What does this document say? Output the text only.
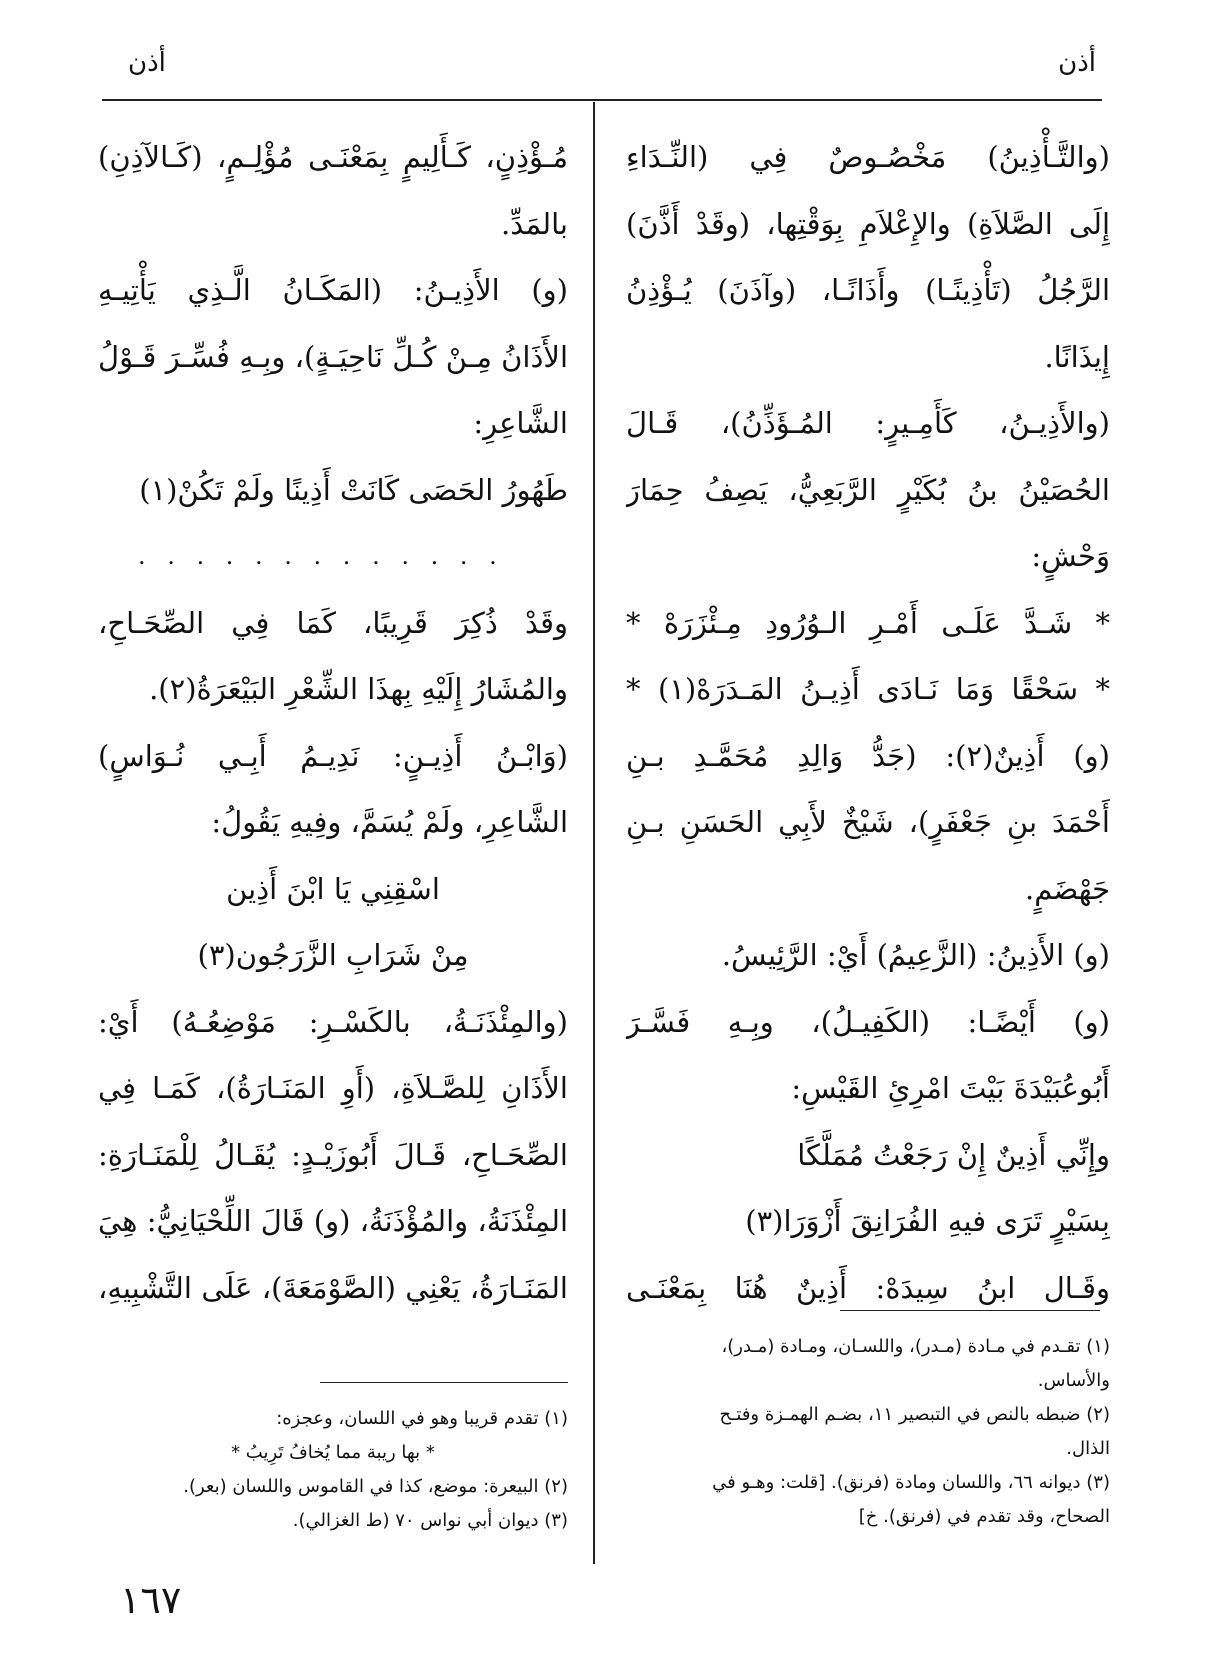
أذن
أذن
(والتَّـأْذِينُ) مَخْصُـوصٌ فِي (النِّـدَاءِ
إِلَى الصَّلاَةِ) والإِعْلاَمِ بِوَقْتِها، (وقَدْ أَذَّنَ)
الرَّجُلُ (تَأْذِينًـا) وأَذَانًـا، (وآذَنَ) يُـؤْذِنُ
إِيذَانًا.
(والأَذِيـنُ، كَأَمِـيرٍ: المُـؤَذِّنُ)، قَـالَ
الحُصَيْنُ بنُ بُكَيْرٍ الرَّبَعِيُّ، يَصِفُ حِمَارَ
وَحْشٍ:
* شَـدَّ عَلَـى أَمْـرِ الـوُرُودِ مِـئْزَرَهْ *
* سَحْقًا وَمَا نَـادَى أَذِيـنُ المَـدَرَهْ(١) *
(و) أَذِينٌ(٢): (جَدُّ وَالِدِ مُحَمَّـدِ بـنِ
أَحْمَدَ بنِ جَعْفَرٍ)، شَيْخٌ لأَبِي الحَسَنِ بـنِ
جَهْضَمٍ.
(و) الأَذِينُ: (الزَّعِيمُ) أَيْ: الرَّئِيسُ.
(و) أَيْضًـا: (الكَفِيـلُ)، وبِـهِ فَسَّـرَ
أَبُوعُبَيْدَةَ بَيْتَ امْرِئِ القَيْسِ:
وإِنِّي أَذِينٌ إِنْ رَجَعْتُ مُمَلَّكًا
بِسَيْرٍ تَرَى فيهِ الفُرَانِقَ أَزْوَرَا(٣)
وقَـال ابنُ سِيدَهْ: أَذِينٌ هُنَا بِمَعْنَـى
مُـؤْذِنٍ، كَـأَلِيمٍ بِمَعْنَـى مُؤْلِـمٍ، (كَـالآذِنِ)
بالمَدِّ.
(و) الأَذِيـنُ: (المَكَـانُ الَّـذِي يَأْتِيـهِ
الأَذَانُ مِـنْ كُـلِّ نَاحِيَـةٍ)، وبِـهِ فُسِّـرَ قَـوْلُ
الشَّاعِرِ:
طَهُورُ الحَصَى كَانَتْ أَذِينًا ولَمْ تَكُنْ(١)
. . . . . . . . . . . . .
وقَدْ ذُكِرَ قَرِيبًا، كَمَا فِي الصِّحَـاحِ،
والمُشَارُ إِلَيْهِ بِهذَا الشِّعْرِ البَيْعَرَةُ(٢).
(وَابْـنُ أَذِيـنٍ: نَدِيـمُ أَبِـي نُـوَاسٍ)
الشَّاعِرِ، ولَمْ يُسَمَّ، وفِيهِ يَقُولُ:
اسْقِنِي يَا ابْنَ أَذِين
مِنْ شَرَابِ الزَّرَجُون(٣)
(والمِئْذَنَـةُ، بالكَسْـرِ: مَوْضِعُـهُ) أَيْ:
الأَذَانِ لِلصَّـلاَةِ، (أَوِ المَنَـارَةُ)، كَمَـا فِي
الصِّحَـاحِ، قَـالَ أَبُوزَيْـدٍ: يُقَـالُ لِلْمَنَـارَةِ:
المِئْذَنَةُ، والمُؤْذَنَةُ، (و) قَالَ اللِّحْيَانِيُّ: هِيَ
المَنَـارَةُ، يَعْنِي (الصَّوْمَعَةَ)، عَلَى التَّشْبِيهِ،
(١) تقـدم في مـادة (مـدر)، واللسـان، ومـادة (مـدر)،
والأساس.
(٢) ضبطه بالنص في التبصير ١١، بضـم الهمـزة وفتـح
الذال.
(٣) ديوانه ٦٦، واللسان ومادة (فرنق). [قلت: وهـو في
الصحاح، وقد تقدم في (فرنق). خ]
(١) تقدم قريبا وهو في اللسان، وعجزه:
* بها ريبة مما يُخافُ تَرِيبُ *
(٢) البيعرة: موضع، كذا في القاموس واللسان (بعر).
(٣) ديوان أبي نواس ٧٠ (ط الغزالي).
١٦٧
